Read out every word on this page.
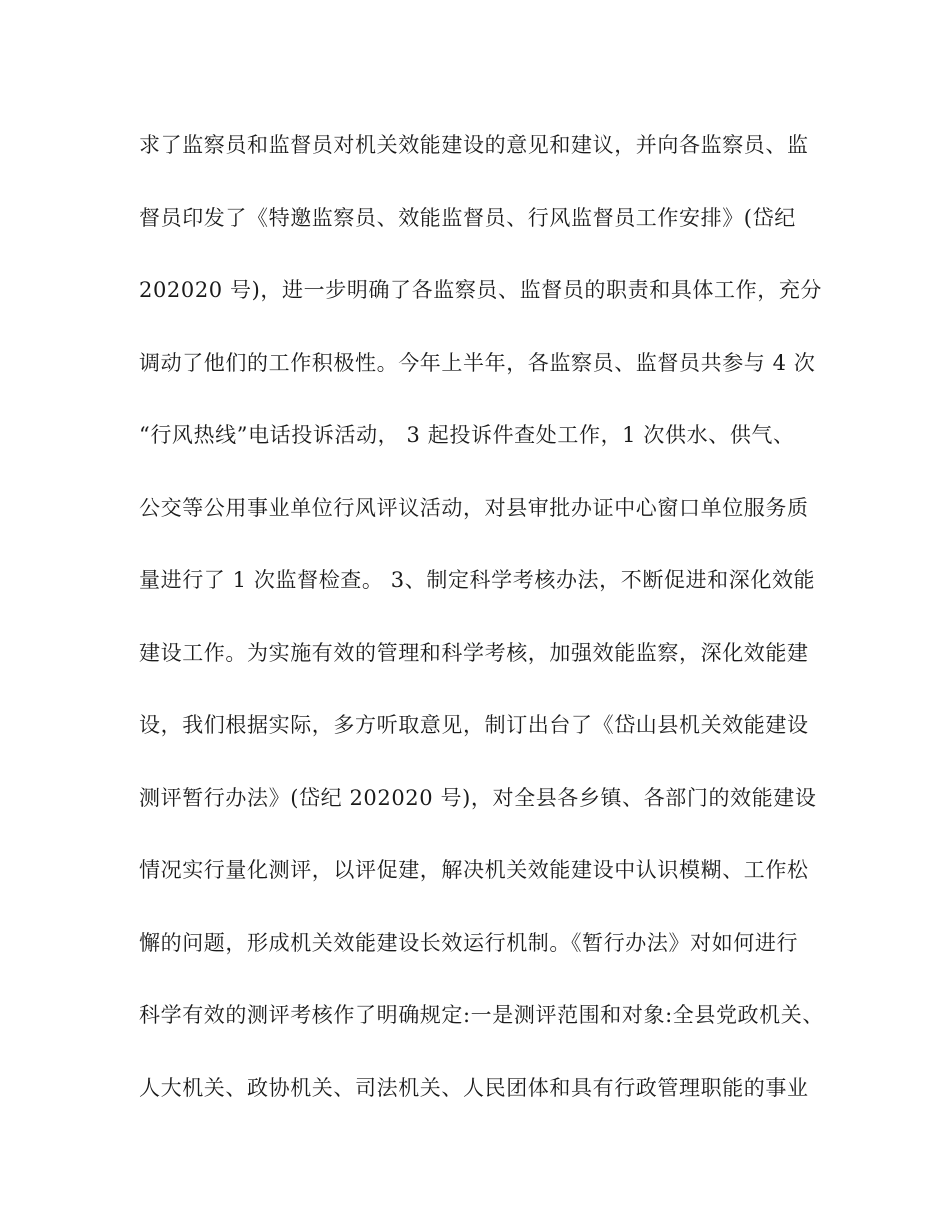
求了监察员和监督员对机关效能建设的意见和建议，并向各监察员、监
督员印发了《特邀监察员、效能监督员、行风监督员工作安排》(岱纪
202020 号)，进一步明确了各监察员、监督员的职责和具体工作，充分
调动了他们的工作积极性。今年上半年，各监察员、监督员共参与 4 次
“行风热线”电话投诉活动， 3 起投诉件查处工作，1 次供水、供气、
公交等公用事业单位行风评议活动，对县审批办证中心窗口单位服务质
量进行了 1 次监督检查。 3、制定科学考核办法，不断促进和深化效能
建设工作。为实施有效的管理和科学考核，加强效能监察，深化效能建
设，我们根据实际，多方听取意见，制订出台了《岱山县机关效能建设
测评暂行办法》(岱纪 202020 号)，对全县各乡镇、各部门的效能建设
情况实行量化测评，以评促建，解决机关效能建设中认识模糊、工作松
懈的问题，形成机关效能建设长效运行机制。《暂行办法》对如何进行
科学有效的测评考核作了明确规定:一是测评范围和对象:全县党政机关、
人大机关、政协机关、司法机关、人民团体和具有行政管理职能的事业
